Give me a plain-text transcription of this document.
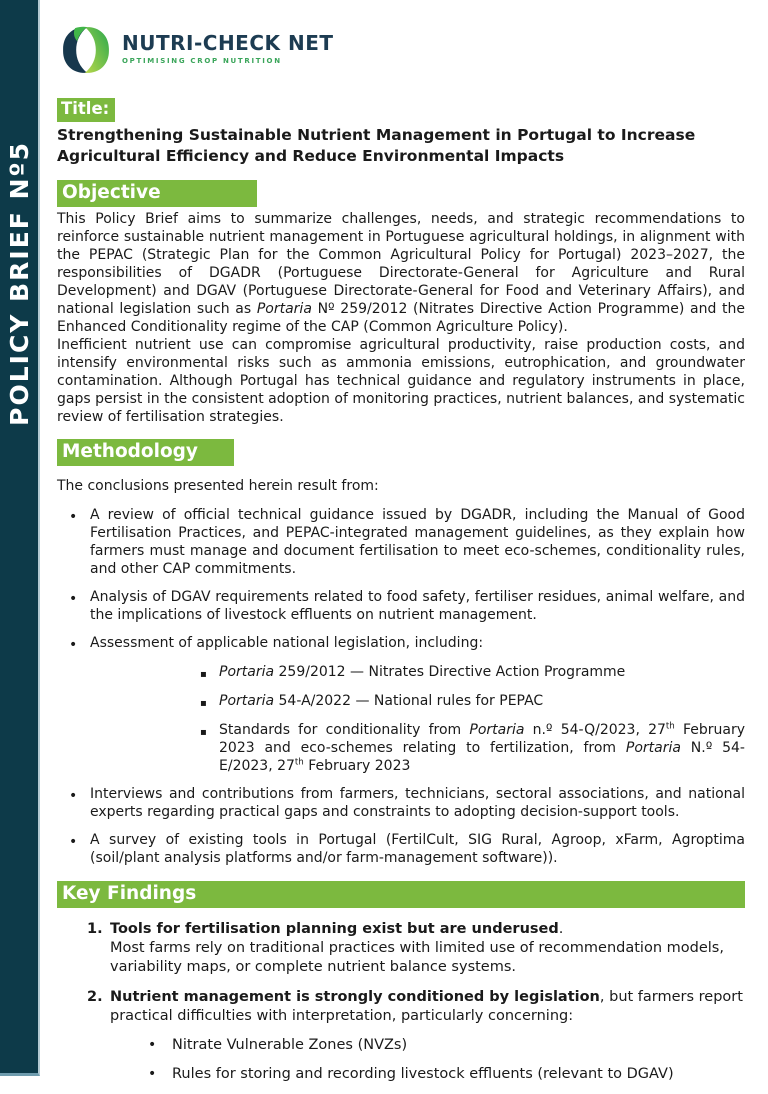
POLICY BRIEF Nº5
NUTRI-CHECK NET
OPTIMISING CROP NUTRITION
Title:
Strengthening Sustainable Nutrient Management in Portugal to Increase Agricultural Efficiency and Reduce Environmental Impacts
Objective

This Policy Brief aims to summarize challenges, needs, and strategic recommendations to reinforce sustainable nutrient management in Portuguese agricultural holdings, in alignment with the PEPAC (Strategic Plan for the Common Agricultural Policy for Portugal) 2023–2027, the responsibilities of DGADR (Portuguese Directorate-General for Agriculture and Rural Development) and DGAV (Portuguese Directorate-General for Food and Veterinary Affairs), and national legislation such as Portaria Nº 259/2012 (Nitrates Directive Action Programme) and the Enhanced Conditionality regime of the CAP (Common Agriculture Policy).

Inefficient nutrient use can compromise agricultural productivity, raise production costs, and intensify environmental risks such as ammonia emissions, eutrophication, and groundwater contamination. Although Portugal has technical guidance and regulatory instruments in place, gaps persist in the consistent adoption of monitoring practices, nutrient balances, and systematic review of fertilisation strategies.

Methodology
The conclusions presented herein result from:
•
A review of official technical guidance issued by DGADR, including the Manual of Good Fertilisation Practices, and PEPAC-integrated management guidelines, as they explain how farmers must manage and document fertilisation to meet eco-schemes, conditionality rules, and other CAP commitments.
•
Analysis of DGAV requirements related to food safety, fertiliser residues, animal welfare, and the implications of livestock effluents on nutrient management.
•
Assessment of applicable national legislation, including:
▪
Portaria 259/2012 — Nitrates Directive Action Programme
▪
Portaria 54-A/2022 — National rules for PEPAC
▪
Standards for conditionality from Portaria n.º 54-Q/2023, 27th February 2023 and eco-schemes relating to fertilization, from Portaria N.º 54-E/2023, 27th February 2023
•
Interviews and contributions from farmers, technicians, sectoral associations, and national experts regarding practical gaps and constraints to adopting decision-support tools.
•
A survey of existing tools in Portugal (FertilCult, SIG Rural, Agroop, xFarm, Agroptima (soil/plant analysis platforms and/or farm-management software)).
Key Findings
1. Tools for fertilisation planning exist but are underused.
Most farms rely on traditional practices with limited use of recommendation models, variability maps, or complete nutrient balance systems.
2. Nutrient management is strongly conditioned by legislation, but farmers report practical difficulties with interpretation, particularly concerning:
•
Nitrate Vulnerable Zones (NVZs)
•
Rules for storing and recording livestock effluents (relevant to DGAV)
